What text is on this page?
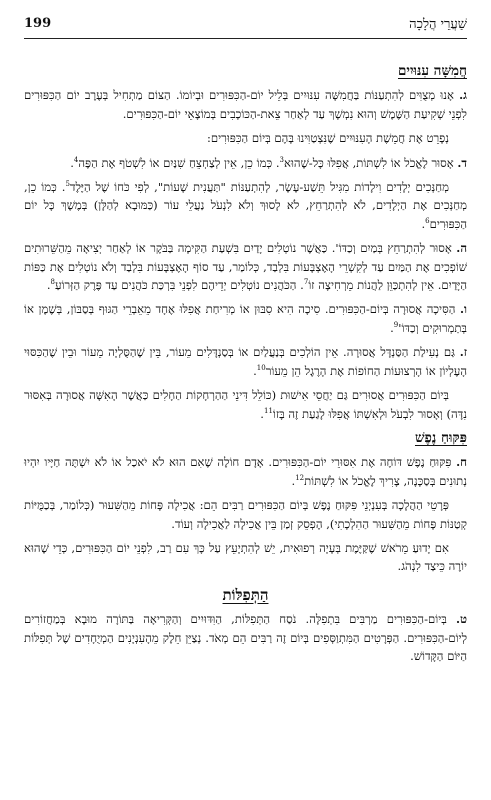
199	שַׁעֲרֵי הֲלָכָה
חֲמִשָּׁה עִנּוּיִים

ג. אָנוּ מְצֻוִּים לְהִתְעַנּוֹת בַּחֲמִשָּׁה עִנּוּיִים בְּלֵיל יוֹם-הַכִּפּוּרִים וּבְיוֹמוֹ. הַצּוֹם מַתְחִיל בְּעֶרֶב יוֹם הַכִּפּוּרִים לִפְנֵי שְׁקִיעַת הַשֶּׁמֶשׁ וְהוּא נִמְשָׁךְ עַד לְאַחַר צֵאת-הַכּוֹכָבִים בְּמוֹצָאֵי יוֹם-הַכִּפּוּרִים.

נְפָרֵט אֶת חֲמֵשֶׁת הָעִנּוּיִים שֶׁנִּצְטַוִּינוּ בָּהֶם בְּיוֹם הַכִּפּוּרִים:

ד. אָסוּר לֶאֱכֹל אוֹ לִשְׁתּוֹת, אֲפִלּוּ כָּל-שֶׁהוּא$^3$. כְּמוֹ כֵן, אֵין לְצַחְצֵחַ שִׁנַּיִם אוֹ לִשְׁטֹף אֶת הַפֶּה$^4$.

מְחַנְּכִים יְלָדִים וִילָדוֹת מִגִּיל תֵּשַׁע-עֶשֶׂר, לְהִתְעַנּוֹת "תַּעֲנִית שָׁעוֹת", לְפִי כֹּחוֹ שֶׁל הַיֶּלֶד$^5$. כְּמוֹ כֵן, מְחַנְּכִים אֶת הַיְלָדִים, לֹא לְהִתְרַחֵץ, לֹא לָסוּךְ וְלֹא לִנְעֹל נַעֲלֵי עוֹר (כַּמּוּבָא לְהַלָּן) בְּמֶשֶׁךְ כָּל יוֹם הַכִּפּוּרִים$^6$.

ה. אָסוּר לְהִתְרַחֵץ בְּמַיִם וְכַדּוֹ'. כַּאֲשֶׁר נוֹטְלִים יָדַיִם בִּשְׁעַת הַקִּימָה בַּבֹּקֶר אוֹ לְאַחַר יְצִיאָה מֵהַשֵּׁרוּתִים שׁוֹפְכִים אֶת הַמַּיִם עַד לְקִשְׁרֵי הָאֶצְבָּעוֹת בִּלְבַד, כְּלוֹמַר, עַד סוֹף הָאֶצְבָּעוֹת בִּלְבַד וְלֹא נוֹטְלִים אֶת כַּפּוֹת הַיָּדַיִם. אֵין לְהִתְכַּוֵּן לַהֲנוֹת מֵרְחִיצָה זוֹ$^7$. הַכֹּהֲנִים נוֹטְלִים יְדֵיהֶם לִפְנֵי בִּרְכַּת כֹּהֲנִים עַד פֶּרֶק הַזְּרוֹעַ$^8$.

ו. הַסִּיכָה אֲסוּרָה בְּיוֹם-הַכִּפּוּרִים. סִיכָה הִיא סִבּוּן אוֹ מְרִיחַת אֲפִלּוּ אֶחָד מֵאֵבְרֵי הַגּוּף בְּסַבּוֹן, בְּשֶׁמֶן אוֹ בְּתַמְרוּקִים $וְכַדּוֹ'^9$.

ז. גַּם נְעִילַת הַסַּנְדָּל אֲסוּרָה. אֵין הוֹלְכִים בְּנַעֲלַיִם אוֹ בְּסַנְדָּלִים מֵעוֹר, בֵּין שֶׁהַסֻּלְיָה מֵעוֹר וּבֵין שֶׁהַכִּסּוּי הָעֶלְיוֹן אוֹ הָרְצוּעוֹת הַחוֹפוֹת אֶת הָרֶגֶל הֵן מֵעוֹר$^{10}$.

בְּיוֹם הַכִּפּוּרִים אֲסוּרִים גַּם יַחֲסֵי אִישׁוּת (כּוֹלֵל דִּינֵי הַהַרְחָקוֹת הַחָלִים כַּאֲשֶׁר הָאִשָּׁה אֲסוּרָה בְּאִסּוּר נִדָּה) וְאָסוּר לִבְעֹל וּלְאִשְׁתּוֹ אֲפִלּוּ לָגַעַת זֶה בָּזוֹ$^{11}$.

פִּקּוּחַ נֶפֶשׁ

ח. פִּקּוּחַ נֶפֶשׁ דּוֹחֶה אֶת אִסּוּרֵי יוֹם-הַכִּפּוּרִים. אָדָם חוֹלֶה שֶׁאִם הוּא לֹא יֹאכַל אוֹ לֹא יִשְׁתֶּה חַיָּיו יִהְיוּ נְתוּנִים בְּסַכָּנָה, צָרִיךְ לֶאֱכֹל אוֹ לִשְׁתּוֹת$^{12}$.

פְּרָטֵי הַהֲלָכָה בְּעִנְיְנֵי פִּקּוּחַ נֶפֶשׁ בְּיוֹם הַכִּפּוּרִים רַבִּים הֵם: אֲכִילָה פָּחוֹת מֵהַשִּׁעוּר (כְּלוֹמַר, בְּכַמֻּיּוֹת קְטַנּוֹת פָּחוֹת מֵהַשִּׁעוּר הַהִלְכָתִי), הֶפְסֵק זְמַן בֵּין אֲכִילָה לַאֲכִילָה וְעוֹד.

אִם יָדוּעַ מֵרֹאשׁ שֶׁקַּיֶּמֶת בְּעָיָה רְפוּאִית, יֵשׁ לְהִתְיָעֵץ עַל כָּךְ עִם רַב, לִפְנֵי יוֹם הַכִּפּוּרִים, כְּדֵי שֶׁהוּא יוֹרֶה כֵּיצַד לִנְהֹג.

הַתְּפִלּוֹת

ט. בְּיוֹם-הַכִּפּוּרִים מַרְבִּים בִּתְפִלָּה. נֹסַח הַתְּפִלּוֹת, הַוִּדּוּיִים וְהַקְּרִיאָה בַּתּוֹרָה מוּבָא בְּמַחֲזוֹרִים לְיוֹם-הַכִּפּוּרִים. הַפְּרָטִים הַמִּתְוַסְּפִים בְּיוֹם זֶה רַבִּים הֵם מְאֹד. נְצַיֵּן חֵלֶק מֵהָעִנְיָנִים הַמְיֻחָדִים שֶׁל תְּפִלּוֹת הַיּוֹם הַקָּדוֹשׁ.
